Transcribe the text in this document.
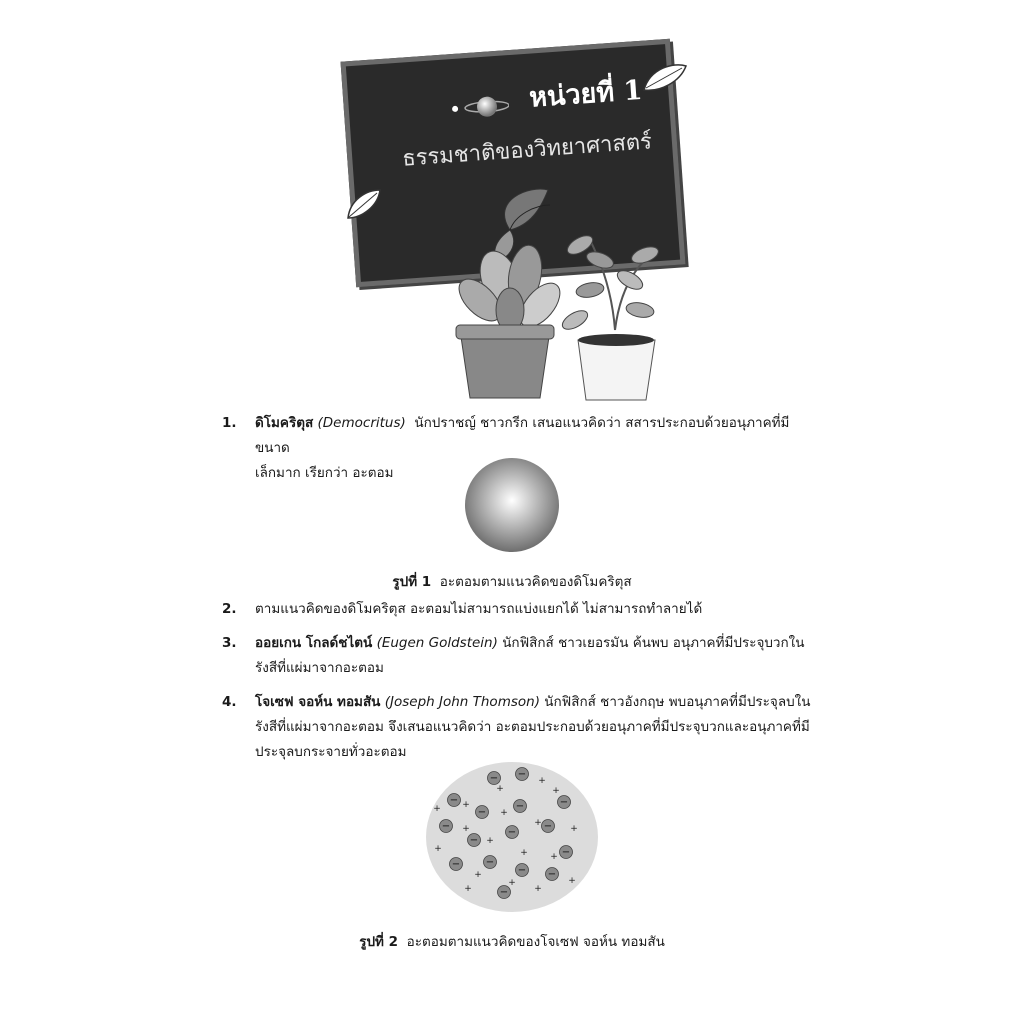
หน่วยที่ 1
ธรรมชาติของวิทยาศาสตร์
1.	ดิโมคริตุส (Democritus) นักปราชญ์ ชาวกรีก เสนอแนวคิดว่า สสารประกอบด้วยอนุภาคที่มีขนาด
เล็กมาก เรียกว่า อะตอม
รูปที่ 1 อะตอมตามแนวคิดของดิโมคริตุส
2.	ตามแนวคิดของดิโมคริตุส อะตอมไม่สามารถแบ่งแยกได้ ไม่สามารถทำลายได้
3.	ออยเกน โกลด์ชไตน์ (Eugen Goldstein) นักฟิสิกส์ ชาวเยอรมัน ค้นพบ อนุภาคที่มีประจุบวกใน
รังสีที่แผ่มาจากอะตอม
4.	โจเซฟ จอห์น ทอมสัน (Joseph John Thomson) นักฟิสิกส์ ชาวอังกฤษ พบอนุภาคที่มีประจุลบใน
รังสีที่แผ่มาจากอะตอม จึงเสนอแนวคิดว่า อะตอมประกอบด้วยอนุภาคที่มีประจุบวกและอนุภาคที่มี
ประจุลบกระจายทั่วอะตอม
− −
−
−
−
−
−
−
−
−
−	−
−
− −
−
+
+
+ +
+
+
+
+
+
+
+
+
+
+	+
+
+
+
รูปที่ 2 อะตอมตามแนวคิดของโจเซฟ จอห์น ทอมสัน
